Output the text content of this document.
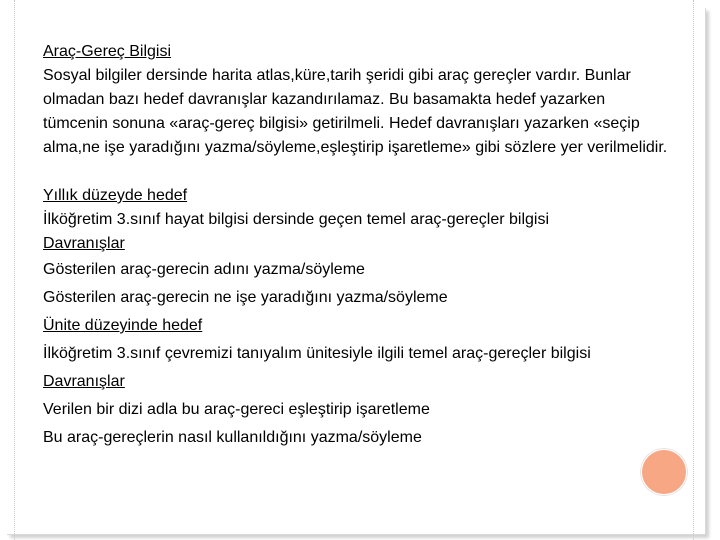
Araç-Gereç Bilgisi
Sosyal bilgiler dersinde harita atlas,küre,tarih şeridi gibi araç gereçler vardır. Bunlar olmadan bazı hedef davranışlar kazandırılamaz. Bu basamakta hedef yazarken tümcenin sonuna «araç-gereç bilgisi» getirilmeli. Hedef davranışları yazarken «seçip alma,ne işe yaradığını yazma/söyleme,eşleştirip işaretleme» gibi sözlere yer verilmelidir.
Yıllık düzeyde hedef
İlköğretim 3.sınıf hayat bilgisi dersinde geçen temel araç-gereçler bilgisi
Davranışlar
Gösterilen araç-gerecin adını yazma/söyleme
Gösterilen araç-gerecin ne işe yaradığını yazma/söyleme
Ünite düzeyinde hedef
İlköğretim 3.sınıf çevremizi tanıyalım ünitesiyle ilgili temel araç-gereçler bilgisi
Davranışlar
Verilen bir dizi adla bu araç-gereci eşleştirip işaretleme
Bu araç-gereçlerin nasıl kullanıldığını yazma/söyleme
